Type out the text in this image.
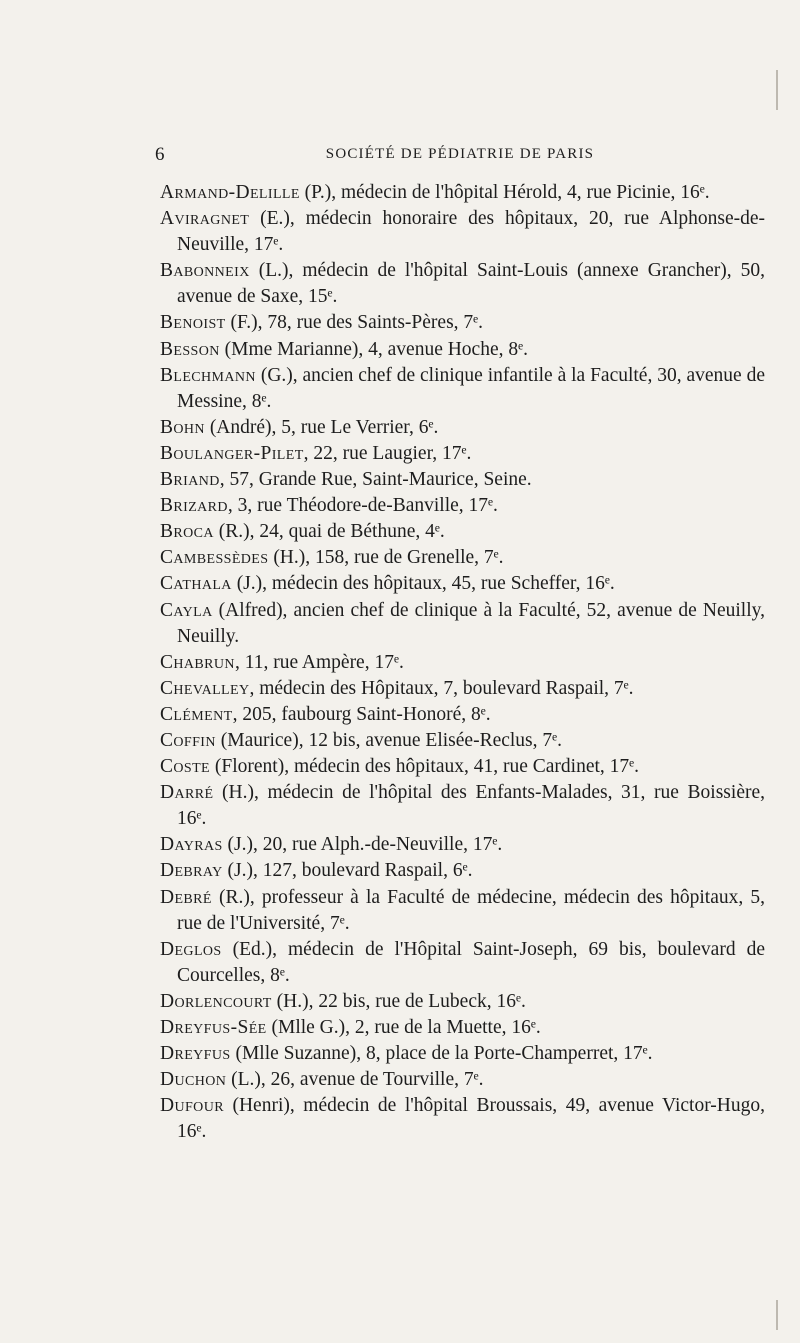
6	SOCIÉTÉ DE PÉDIATRIE DE PARIS

Armand-Delille (P.), médecin de l'hôpital Hérold, 4, rue Picinie, 16ᵉ.

Aviragnet (E.), médecin honoraire des hôpitaux, 20, rue Alphonse-de-Neuville, 17ᵉ.

Babonneix (L.), médecin de l'hôpital Saint-Louis (annexe Grancher), 50, avenue de Saxe, 15ᵉ.

Benoist (F.), 78, rue des Saints-Pères, 7ᵉ.

Besson (Mme Marianne), 4, avenue Hoche, 8ᵉ.

Blechmann (G.), ancien chef de clinique infantile à la Faculté, 30, avenue de Messine, 8ᵉ.

Bohn (André), 5, rue Le Verrier, 6ᵉ.

Boulanger-Pilet, 22, rue Laugier, 17ᵉ.

Briand, 57, Grande Rue, Saint-Maurice, Seine.

Brizard, 3, rue Théodore-de-Banville, 17ᵉ.

Broca (R.), 24, quai de Béthune, 4ᵉ.

Cambessèdes (H.), 158, rue de Grenelle, 7ᵉ.

Cathala (J.), médecin des hôpitaux, 45, rue Scheffer, 16ᵉ.

Cayla (Alfred), ancien chef de clinique à la Faculté, 52, avenue de Neuilly, Neuilly.

Chabrun, 11, rue Ampère, 17ᵉ.

Chevalley, médecin des Hôpitaux, 7, boulevard Raspail, 7ᵉ.

Clément, 205, faubourg Saint-Honoré, 8ᵉ.

Coffin (Maurice), 12 bis, avenue Elisée-Reclus, 7ᵉ.

Coste (Florent), médecin des hôpitaux, 41, rue Cardinet, 17ᵉ.

Darré (H.), médecin de l'hôpital des Enfants-Malades, 31, rue Boissière, 16ᵉ.

Dayras (J.), 20, rue Alph.-de-Neuville, 17ᵉ.

Debray (J.), 127, boulevard Raspail, 6ᵉ.

Debré (R.), professeur à la Faculté de médecine, médecin des hôpitaux, 5, rue de l'Université, 7ᵉ.

Deglos (Ed.), médecin de l'Hôpital Saint-Joseph, 69 bis, boulevard de Courcelles, 8ᵉ.

Dorlencourt (H.), 22 bis, rue de Lubeck, 16ᵉ.

Dreyfus-Sée (Mlle G.), 2, rue de la Muette, 16ᵉ.

Dreyfus (Mlle Suzanne), 8, place de la Porte-Champerret, 17ᵉ.

Duchon (L.), 26, avenue de Tourville, 7ᵉ.

Dufour (Henri), médecin de l'hôpital Broussais, 49, avenue Victor-Hugo, 16ᵉ.
